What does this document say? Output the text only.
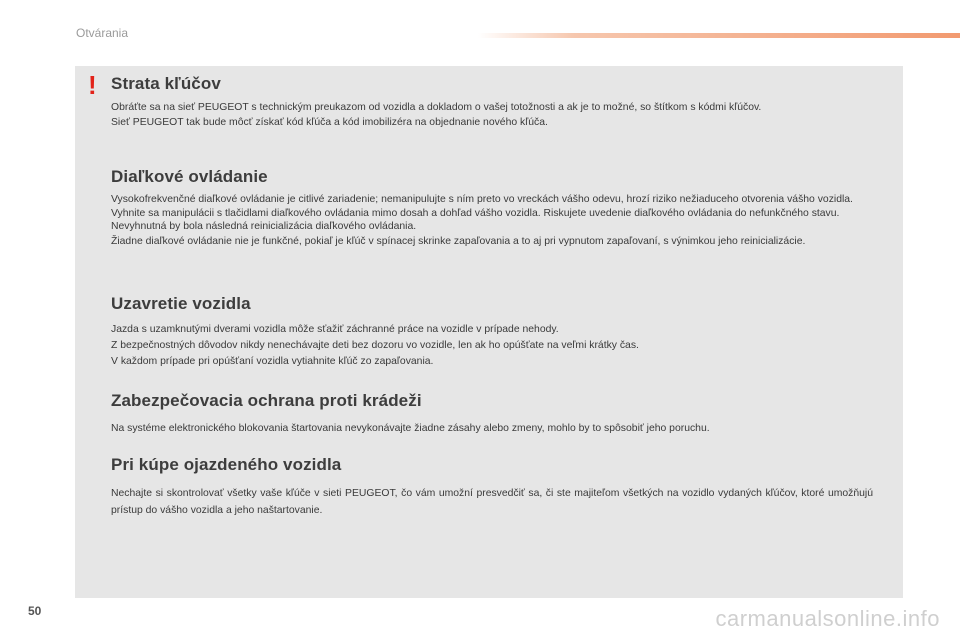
Otvárania
! Strata kľúčov

Obráťte sa na sieť PEUGEOT s technickým preukazom od vozidla a dokladom o vašej totožnosti a ak je to možné, so štítkom s kódmi kľúčov.

Sieť PEUGEOT tak bude môcť získať kód kľúča a kód imobilizéra na objednanie nového kľúča.

Diaľkové ovládanie

Vysokofrekvenčné diaľkové ovládanie je citlivé zariadenie; nemanipulujte s ním preto vo vreckách vášho odevu, hrozí riziko nežiaduceho otvorenia vášho vozidla.

Vyhnite sa manipulácii s tlačidlami diaľkového ovládania mimo dosah a dohľad vášho vozidla. Riskujete uvedenie diaľkového ovládania do nefunkčného stavu. Nevyhnutná by bola následná reinicializácia diaľkového ovládania.

Žiadne diaľkové ovládanie nie je funkčné, pokiaľ je kľúč v spínacej skrinke zapaľovania a to aj pri vypnutom zapaľovaní, s výnimkou jeho reinicializácie.

Uzavretie vozidla

Jazda s uzamknutými dverami vozidla môže sťažiť záchranné práce na vozidle v prípade nehody.

Z bezpečnostných dôvodov nikdy nenechávajte deti bez dozoru vo vozidle, len ak ho opúšťate na veľmi krátky čas.

V každom prípade pri opúšťaní vozidla vytiahnite kľúč zo zapaľovania.

Zabezpečovacia ochrana proti krádeži

Na systéme elektronického blokovania štartovania nevykonávajte žiadne zásahy alebo zmeny, mohlo by to spôsobiť jeho poruchu.

Pri kúpe ojazdeného vozidla

Nechajte si skontrolovať všetky vaše kľúče v sieti PEUGEOT, čo vám umožní presvedčiť sa, či ste majiteľom všetkých na vozidlo vydaných kľúčov, ktoré umožňujú prístup do vášho vozidla a jeho naštartovanie.

50	carmanualsonline.info
